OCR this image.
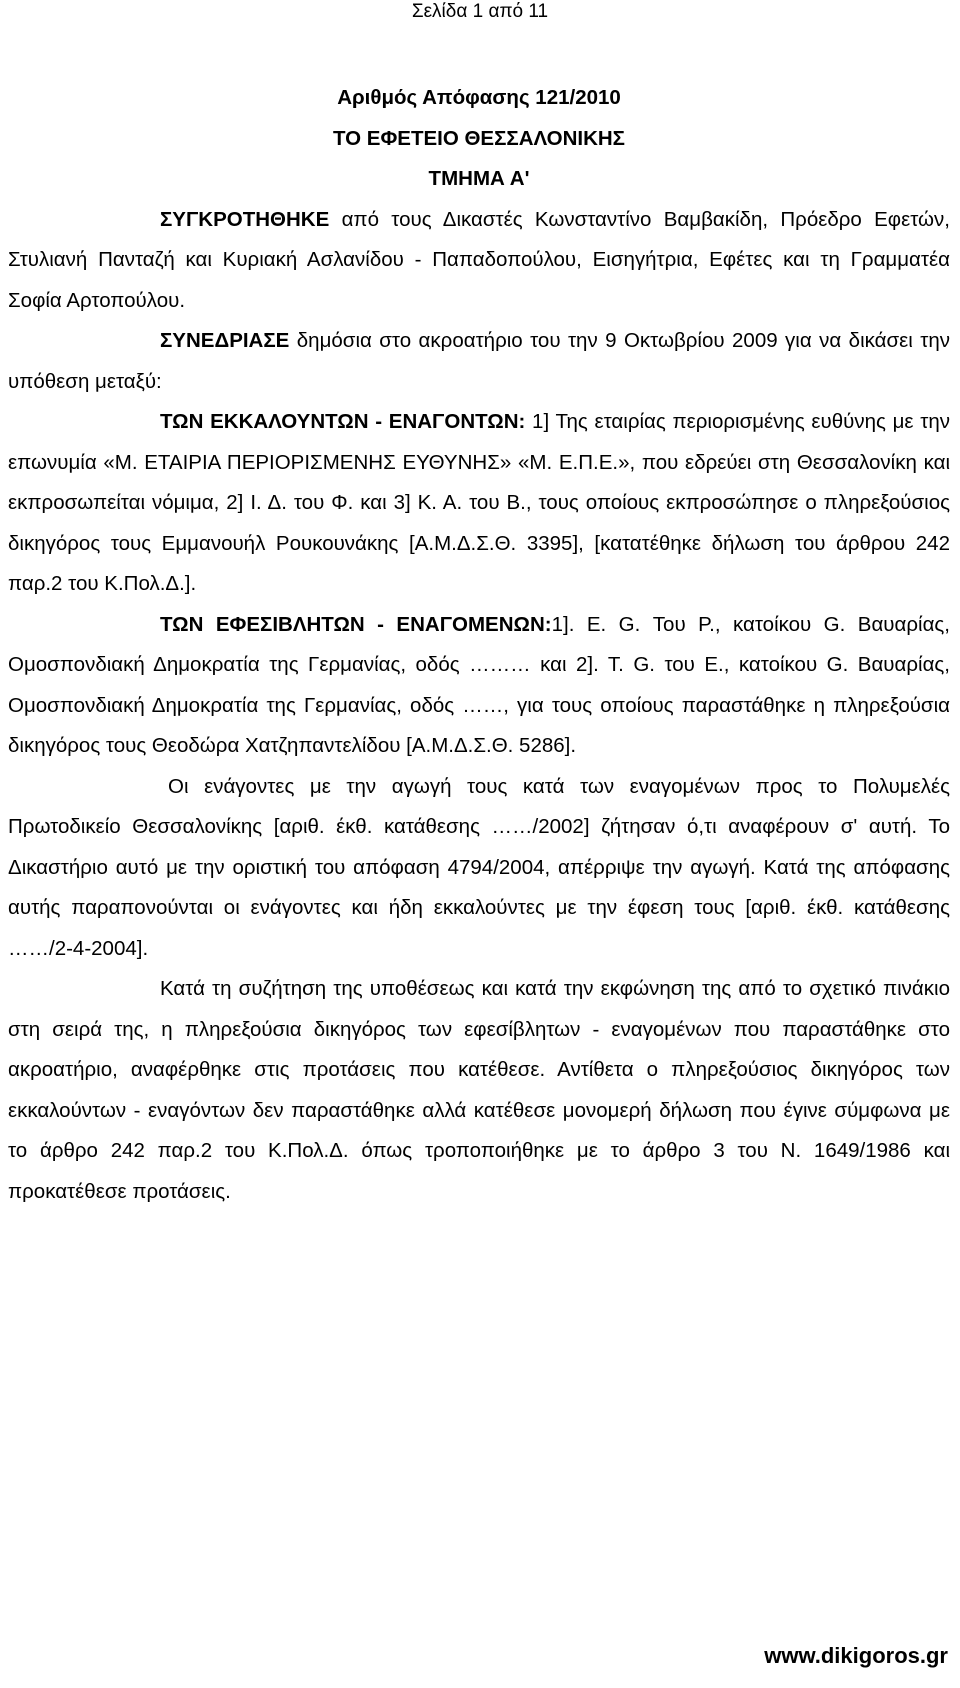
Σελίδα 1 από 11

Αριθμός Απόφασης 121/2010

ΤΟ ΕΦΕΤΕΙΟ ΘΕΣΣΑΛΟΝΙΚΗΣ

ΤΜΗΜΑ Α'

ΣΥΓΚΡΟΤΗΘΗΚΕ από τους Δικαστές Κωνσταντίνο Βαμβακίδη, Πρόεδρο Εφετών, Στυλιανή Πανταζή και Κυριακή Ασλανίδου - Παπαδοπούλου, Εισηγήτρια, Εφέτες και τη Γραμματέα Σοφία Αρτοπούλου.

ΣΥΝΕΔΡΙΑΣΕ δημόσια στο ακροατήριο του την 9 Οκτωβρίου 2009 για να δικάσει την υπόθεση μεταξύ:

ΤΩΝ ΕΚΚΑΛΟΥΝΤΩΝ - ΕΝΑΓΟΝΤΩΝ: 1] Της εταιρίας περιορισμένης ευθύνης με την επωνυμία «Μ. ΕΤΑΙΡΙΑ ΠΕΡΙΟΡΙΣΜΕΝΗΣ ΕΥΘΥΝΗΣ» «Μ. Ε.Π.Ε.», που εδρεύει στη Θεσσαλονίκη και εκπροσωπείται νόμιμα, 2] Ι. Δ. του Φ. και 3] Κ. Α. του Β., τους οποίους εκπροσώπησε ο πληρεξούσιος δικηγόρος τους Εμμανουήλ Ρουκουνάκης [Α.Μ.Δ.Σ.Θ. 3395], [κατατέθηκε δήλωση του άρθρου 242 παρ.2 του Κ.Πολ.Δ.].

ΤΩΝ ΕΦΕΣΙΒΛΗΤΩΝ - ΕΝΑΓΟΜΕΝΩΝ:1]. Ε. G. Του Ρ., κατοίκου G. Βαυαρίας, Ομοσπονδιακή Δημοκρατία της Γερμανίας, οδός ……… και 2]. Τ. G. του Ε., κατοίκου G. Βαυαρίας, Ομοσπονδιακή Δημοκρατία της Γερμανίας, οδός ……, για τους οποίους παραστάθηκε η πληρεξούσια δικηγόρος τους Θεοδώρα Χατζηπαντελίδου [Α.Μ.Δ.Σ.Θ. 5286].

Οι ενάγοντες με την αγωγή τους κατά των εναγομένων προς το Πολυμελές Πρωτοδικείο Θεσσαλονίκης [αριθ. έκθ. κατάθεσης ……/2002] ζήτησαν ό,τι αναφέρουν σ' αυτή. Το Δικαστήριο αυτό με την οριστική του απόφαση 4794/2004, απέρριψε την αγωγή. Κατά της απόφασης αυτής παραπονούνται οι ενάγοντες και ήδη εκκαλούντες με την έφεση τους [αριθ. έκθ. κατάθεσης ……/2-4-2004].

Κατά τη συζήτηση της υποθέσεως και κατά την εκφώνηση της από το σχετικό πινάκιο στη σειρά της, η πληρεξούσια δικηγόρος των εφεσίβλητων - εναγομένων που παραστάθηκε στο ακροατήριο, αναφέρθηκε στις προτάσεις που κατέθεσε. Αντίθετα ο πληρεξούσιος δικηγόρος των εκκαλούντων - εναγόντων δεν παραστάθηκε αλλά κατέθεσε μονομερή δήλωση που έγινε σύμφωνα με το άρθρο 242 παρ.2 του Κ.Πολ.Δ. όπως τροποποιήθηκε με το άρθρο 3 του Ν. 1649/1986 και προκατέθεσε προτάσεις.

www.dikigoros.gr
